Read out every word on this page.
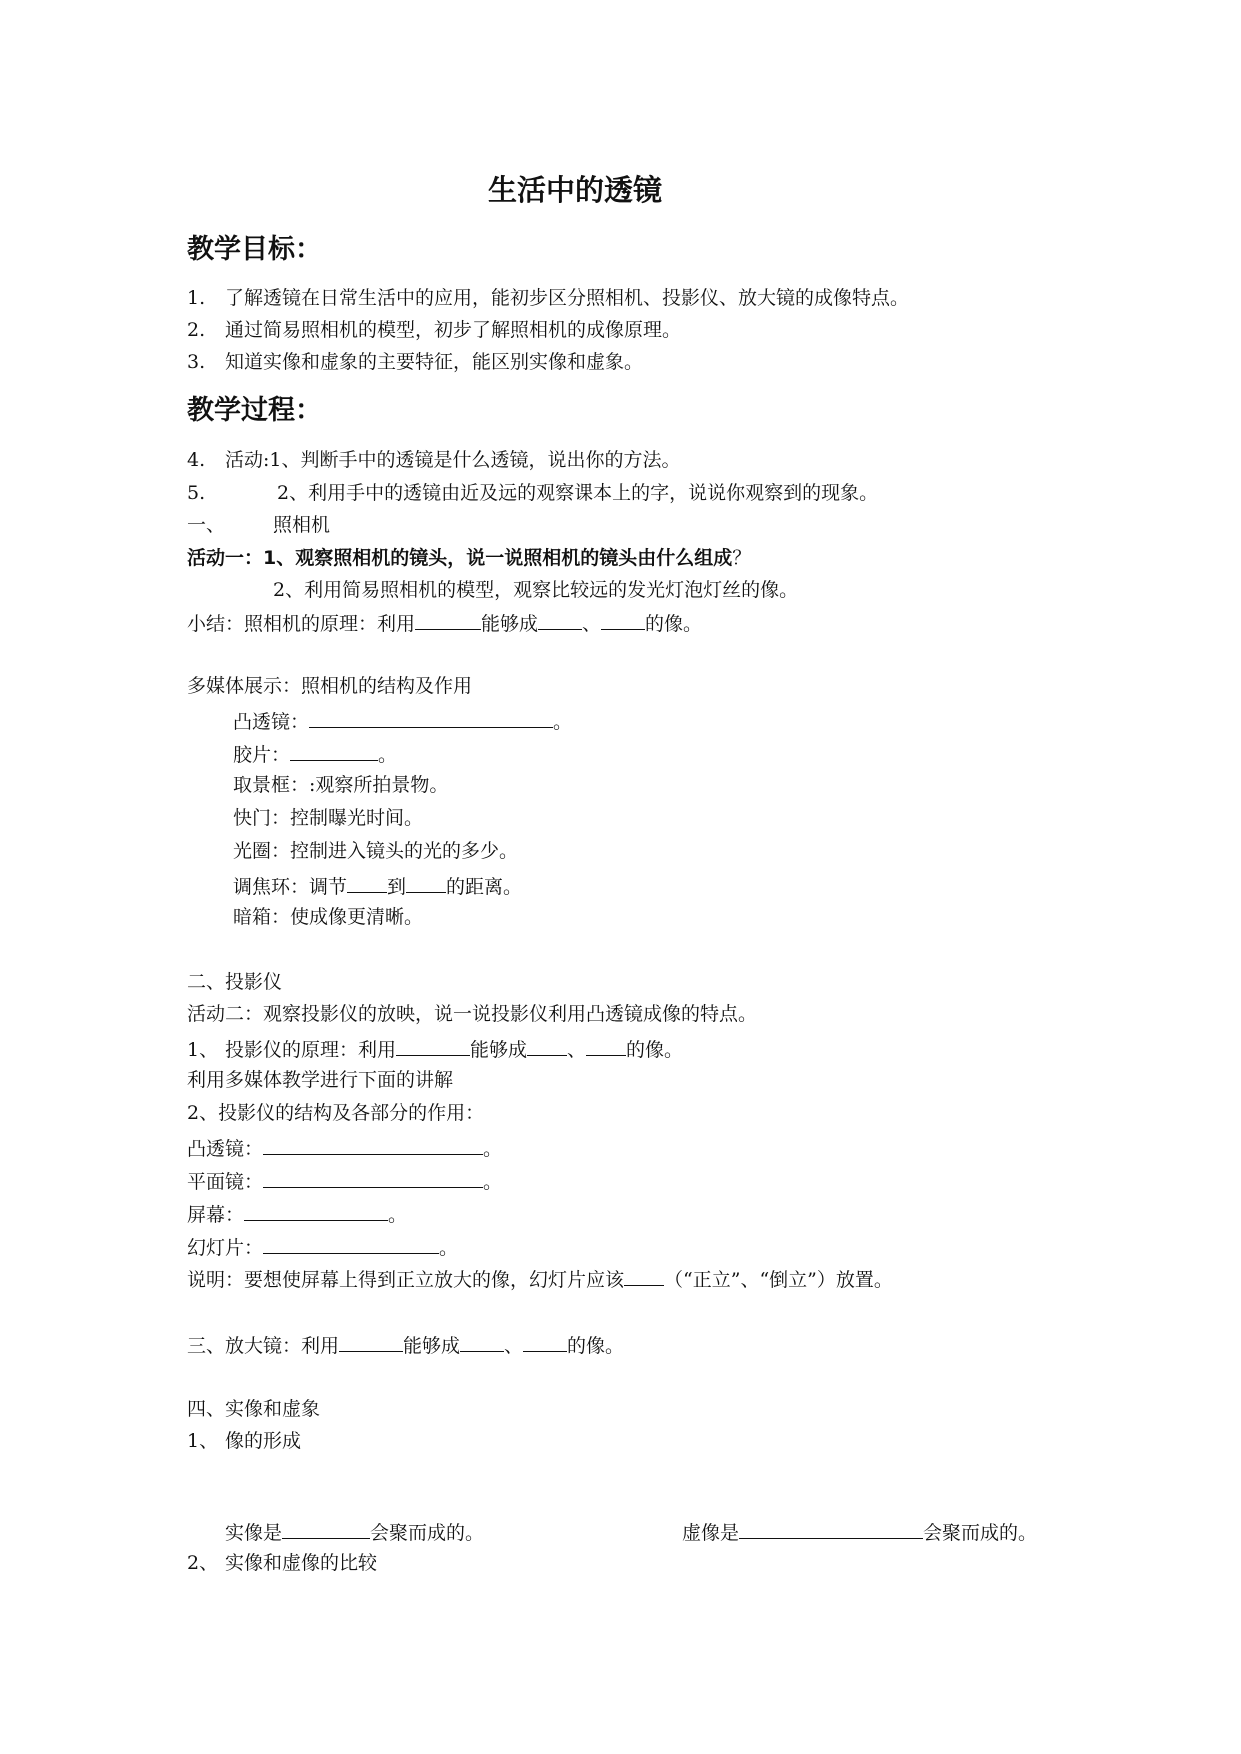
生活中的透镜
教学目标：
1. 了解透镜在日常生活中的应用，能初步区分照相机、投影仪、放大镜的成像特点。
2. 通过简易照相机的模型，初步了解照相机的成像原理。
3. 知道实像和虚象的主要特征，能区别实像和虚象。
教学过程：
4. 活动:1、判断手中的透镜是什么透镜，说出你的方法。
5.	2、利用手中的透镜由近及远的观察课本上的字，说说你观察到的现象。
一、	照相机
活动一：1、观察照相机的镜头，说一说照相机的镜头由什么组成？
2、利用简易照相机的模型，观察比较远的发光灯泡灯丝的像。
小结：照相机的原理：利用	能够成 、 的像。
多媒体展示：照相机的结构及作用
凸透镜：	。
胶片：	。
取景框：:观察所拍景物。
快门：控制曝光时间。
光圈：控制进入镜头的光的多少。
调焦环：调节 到 的距离。
暗箱：使成像更清晰。
二、投影仪
活动二：观察投影仪的放映，说一说投影仪利用凸透镜成像的特点。
1、 投影仪的原理：利用	能够成 、 的像。
利用多媒体教学进行下面的讲解
2、投影仪的结构及各部分的作用：
凸透镜：	。
平面镜：	。
屏幕：	。
幻灯片：	。
说明：要想使屏幕上得到正立放大的像，幻灯片应该 （“正立”、“倒立”）放置。
三、放大镜：利用	能够成 、 的像。
四、实像和虚象
1、 像的形成
实像是	会聚而成的。	虚像是	会聚而成的。
2、 实像和虚像的比较
